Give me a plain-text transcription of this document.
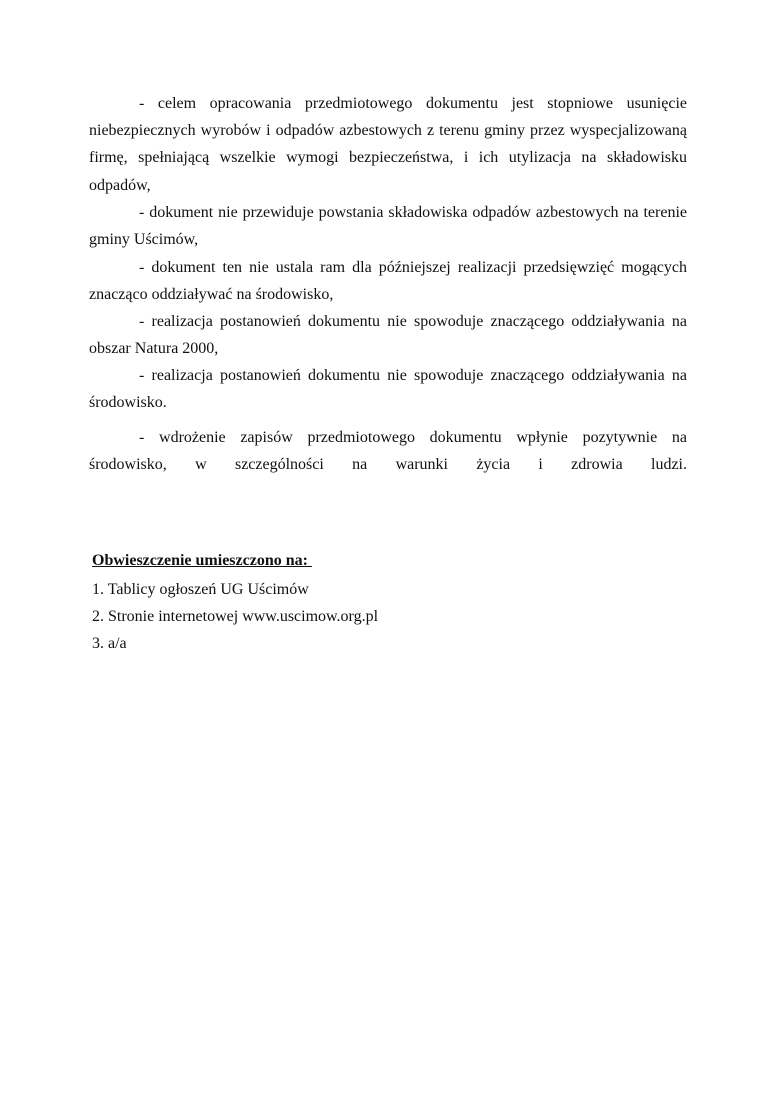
- celem opracowania przedmiotowego dokumentu jest stopniowe usunięcie niebezpiecznych wyrobów i odpadów azbestowych z terenu gminy przez wyspecjalizowaną firmę, spełniającą wszelkie wymogi bezpieczeństwa, i ich utylizacja na składowisku odpadów,

- dokument nie przewiduje powstania składowiska odpadów azbestowych na terenie gminy Uścimów,

- dokument ten nie ustala ram dla późniejszej realizacji przedsięwzięć mogących znacząco oddziaływać na środowisko,

- realizacja postanowień dokumentu nie spowoduje znaczącego oddziaływania na obszar Natura 2000,

- realizacja postanowień dokumentu nie spowoduje znaczącego oddziaływania na środowisko.

- wdrożenie zapisów przedmiotowego dokumentu wpłynie pozytywnie na środowisko, w szczególności na warunki życia i zdrowia ludzi.

Obwieszczenie umieszczono na:

1. Tablicy ogłoszeń UG Uścimów

2. Stronie internetowej www.uscimow.org.pl

3. a/a
